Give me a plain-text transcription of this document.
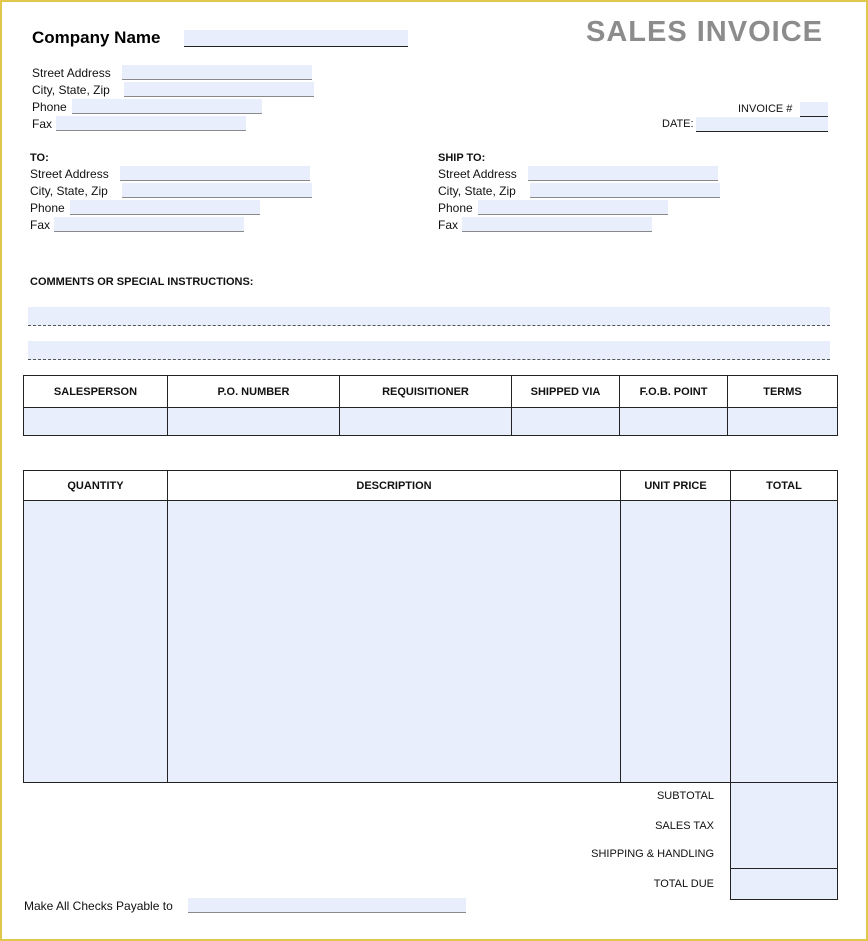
Company Name	SALES INVOICE
Street Address
City, State, Zip
Phone
Fax
INVOICE #
DATE:
TO:
Street Address
City, State, Zip
Phone
Fax
SHIP TO:
Street Address
City, State, Zip
Phone
Fax
COMMENTS OR SPECIAL INSTRUCTIONS:
SALESPERSON	P.O. NUMBER	REQUISITIONER	SHIPPED VIA	F.O.B. POINT	TERMS

QUANTITY	DESCRIPTION	UNIT PRICE	TOTAL

SUBTOTAL
SALES TAX
SHIPPING & HANDLING
TOTAL DUE
Make All Checks Payable to
